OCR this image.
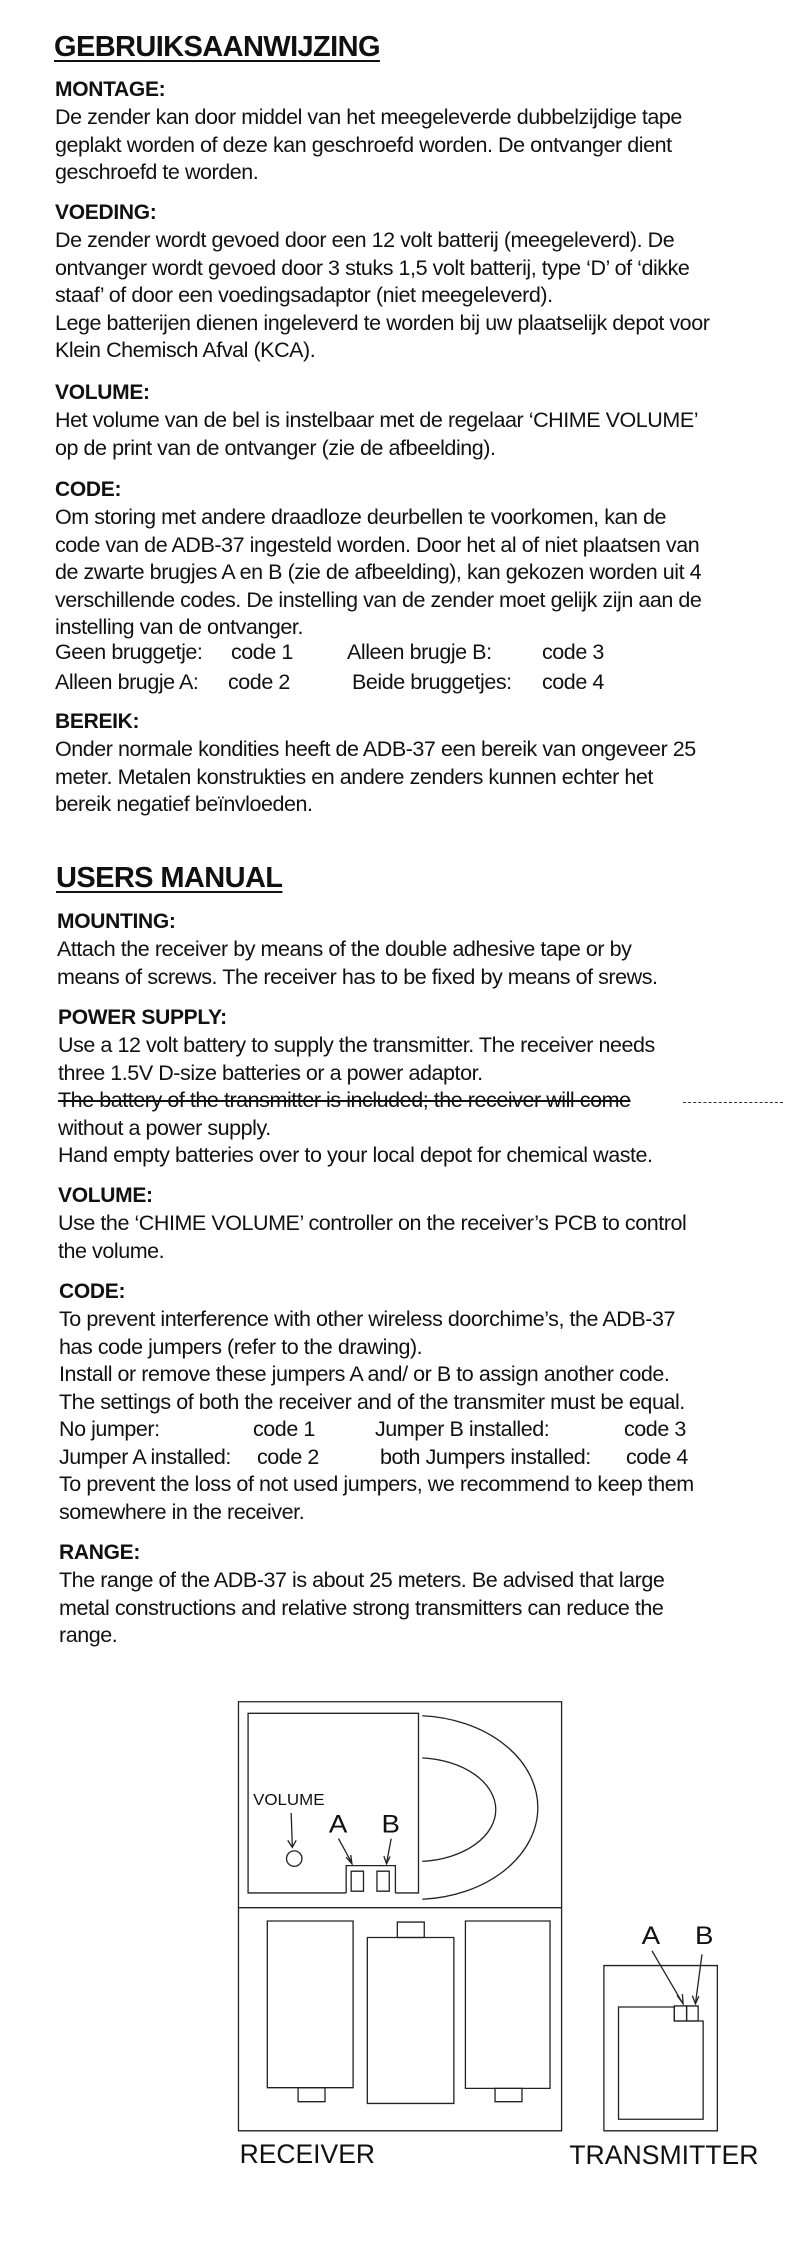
GEBRUIKSAANWIJZING
MONTAGE:
De zender kan door middel van het meegeleverde dubbelzijdige tape
geplakt worden of deze kan geschroefd worden. De ontvanger dient
geschroefd te worden.
VOEDING:
De zender wordt gevoed door een 12 volt batterij (meegeleverd). De
ontvanger wordt gevoed door 3 stuks 1,5 volt batterij, type ‘D’ of ‘dikke
staaf’ of door een voedingsadaptor (niet meegeleverd).
Lege batterijen dienen ingeleverd te worden bij uw plaatselijk depot voor
Klein Chemisch Afval (KCA).
VOLUME:
Het volume van de bel is instelbaar met de regelaar ‘CHIME VOLUME’
op de print van de ontvanger (zie de afbeelding).
CODE:
Om storing met andere draadloze deurbellen te voorkomen, kan de
code van de ADB-37 ingesteld worden. Door het al of niet plaatsen van
de zwarte brugjes A en B (zie de afbeelding), kan gekozen worden uit 4
verschillende codes. De instelling van de zender moet gelijk zijn aan de
instelling van de ontvanger.
Geen bruggetje: code 1	Alleen brugje B: code 3
Alleen brugje A: code 2	Beide bruggetjes: code 4
BEREIK:
Onder normale kondities heeft de ADB-37 een bereik van ongeveer 25
meter. Metalen konstrukties en andere zenders kunnen echter het
bereik negatief beïnvloeden.
USERS MANUAL
MOUNTING:
Attach the receiver by means of the double adhesive tape or by
means of screws. The receiver has to be fixed by means of srews.
POWER SUPPLY:
Use a 12 volt battery to supply the transmitter. The receiver needs
three 1.5V D-size batteries or a power adaptor.
The battery of the transmitter is included; the receiver will come
without a power supply.
Hand empty batteries over to your local depot for chemical waste.
VOLUME:
Use the ‘CHIME VOLUME’ controller on the receiver’s PCB to control
the volume.
CODE:
To prevent interference with other wireless doorchime’s, the ADB-37
has code jumpers (refer to the drawing).
Install or remove these jumpers A and/ or B to assign another code.
The settings of both the receiver and of the transmiter must be equal.
No jumper:	code 1	Jumper B installed:	code 3
Jumper A installed: code 2	both Jumpers installed: code 4
To prevent the loss of not used jumpers, we recommend to keep them
somewhere in the receiver.
RANGE:
The range of the ADB-37 is about 25 meters. Be advised that large
metal constructions and relative strong transmitters can reduce the
range.
VOLUME
A B
RECEIVER
A B
TRANSMITTER
